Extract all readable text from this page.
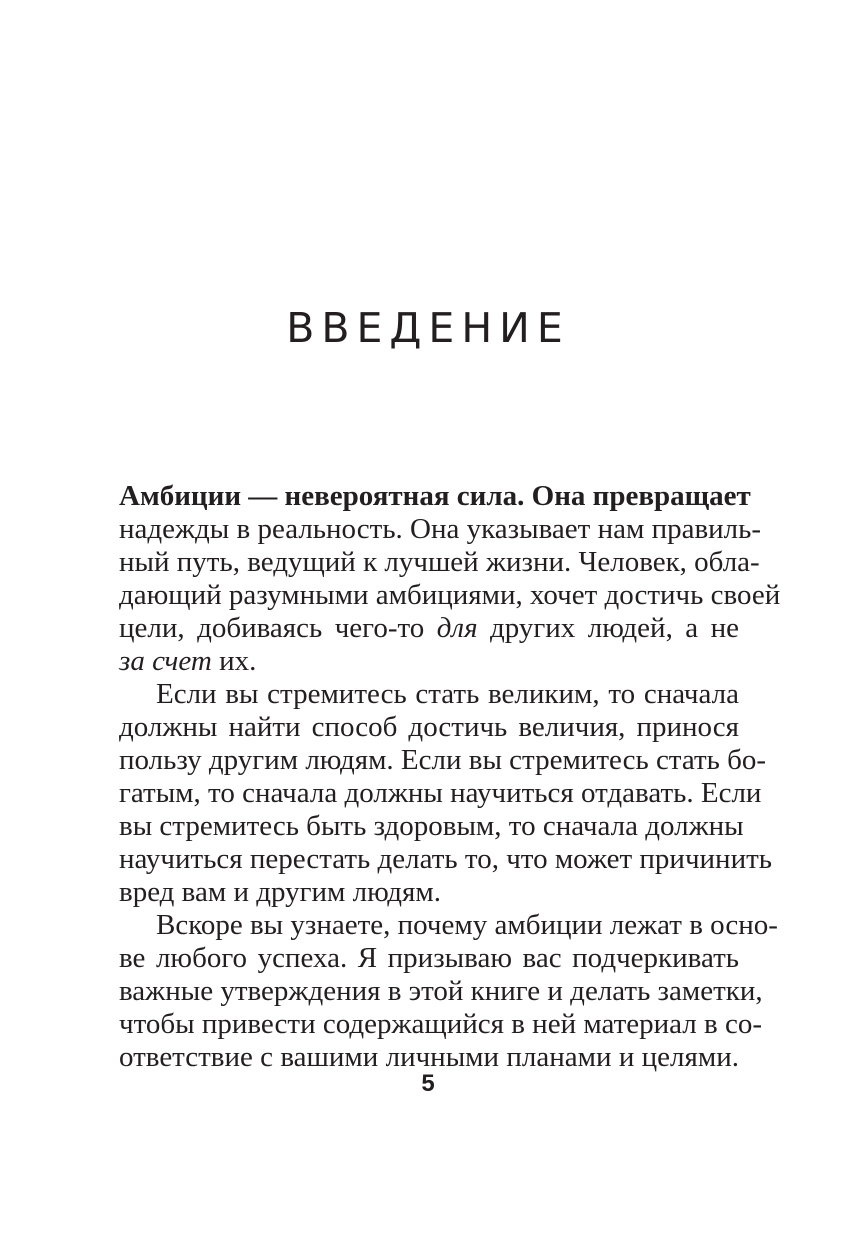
ВВЕДЕНИЕ
Амбиции — невероятная сила. Она превращает
надежды в реальность. Она указывает нам правиль-
ный путь, ведущий к лучшей жизни. Человек, обла-
дающий разумными амбициями, хочет достичь своей
цели, добиваясь чего-то для других людей, а не
за счет их.
Если вы стремитесь стать великим, то сначала
должны найти способ достичь величия, принося
пользу другим людям. Если вы стремитесь стать бо-
гатым, то сначала должны научиться отдавать. Если
вы стремитесь быть здоровым, то сначала должны
научиться перестать делать то, что может причинить
вред вам и другим людям.
Вскоре вы узнаете, почему амбиции лежат в осно-
ве любого успеха. Я призываю вас подчеркивать
важные утверждения в этой книге и делать заметки,
чтобы привести содержащийся в ней материал в со-
ответствие с вашими личными планами и целями.
5
